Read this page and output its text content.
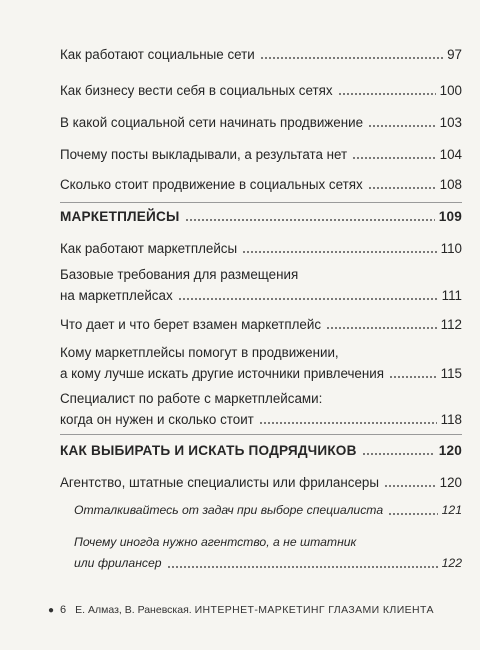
Как работают социальные сети	97
Как бизнесу вести себя в социальных сетях	100
В какой социальной сети начинать продвижение	103
Почему посты выкладывали, а результата нет	104
Сколько стоит продвижение в социальных сетях	108
МАРКЕТПЛЕЙСЫ	109
Как работают маркетплейсы	110
Базовые требования для размещения
на маркетплейсах	111
Что дает и что берет взамен маркетплейс	112
Кому маркетплейсы помогут в продвижении,
а кому лучше искать другие источники привлечения	115
Специалист по работе с маркетплейсами:
когда он нужен и сколько стоит	118
КАК ВЫБИРАТЬ И ИСКАТЬ ПОДРЯДЧИКОВ	120
Агентство, штатные специалисты или фрилансеры	120
Отталкивайтесь от задач при выборе специалиста	121
Почему иногда нужно агентство, а не штатник
или фрилансер	122
● 6 Е. Алмаз, В. Раневская.
ИНТЕРНЕТ-МАРКЕТИНГ ГЛАЗАМИ КЛИЕНТА
